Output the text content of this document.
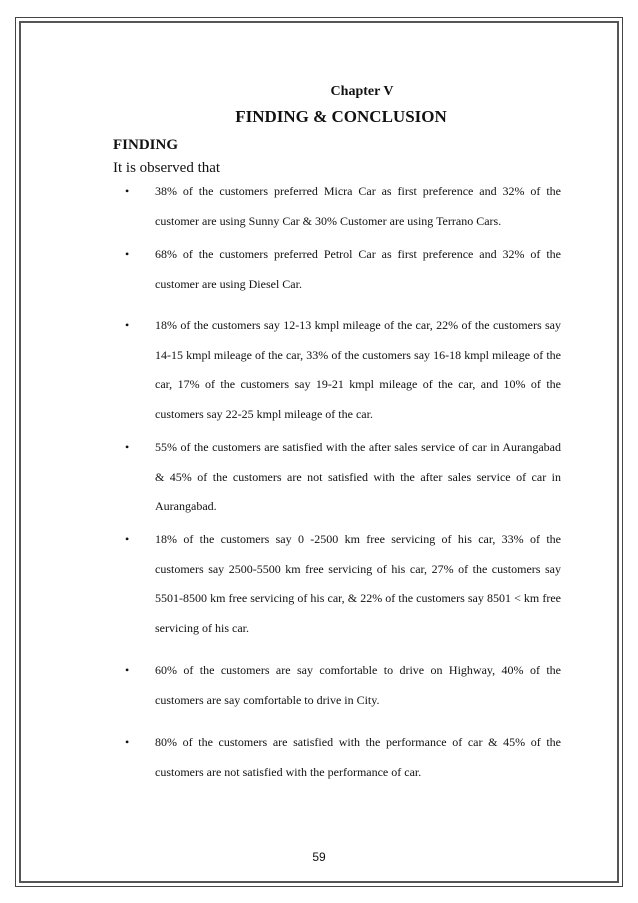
Chapter V
FINDING & CONCLUSION
FINDING
It is observed that
• 38% of the customers preferred Micra Car as first preference and 32% of the customer are using Sunny Car & 30% Customer are using Terrano Cars.
• 68% of the customers preferred Petrol Car as first preference and 32% of the customer are using Diesel Car.
• 18% of the customers say 12-13 kmpl mileage of the car, 22% of the customers say 14-15 kmpl mileage of the car, 33% of the customers say 16-18 kmpl mileage of the car, 17% of the customers say 19-21 kmpl mileage of the car, and 10% of the customers say 22-25 kmpl mileage of the car.
• 55% of the customers are satisfied with the after sales service of car in Aurangabad & 45% of the customers are not satisfied with the after sales service of car in Aurangabad.
• 18% of the customers say 0 -2500 km free servicing of his car, 33% of the customers say 2500-5500 km free servicing of his car, 27% of the customers say 5501-8500 km free servicing of his car, & 22% of the customers say 8501 < km free servicing of his car.
• 60% of the customers are say comfortable to drive on Highway, 40% of the customers are say comfortable to drive in City.
• 80% of the customers are satisfied with the performance of car & 45% of the customers are not satisfied with the performance of car.
59
